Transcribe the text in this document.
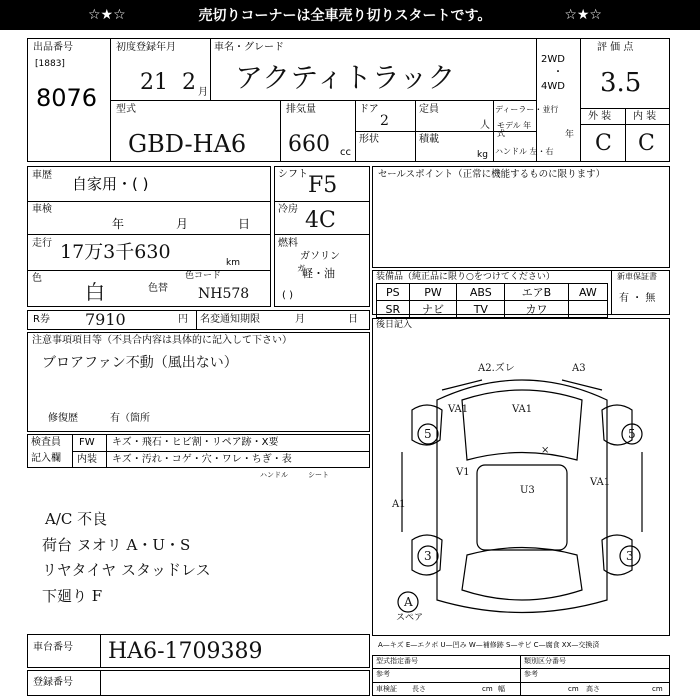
☆★☆	売切りコーナーは全車売り切りスタートです。	☆★☆
出品番号
[1883]
8076
初度登録年月
21 2 月
車名・グレード
アクティトラック
2WD
・
4WD
評 価 点
3.5
型式
GBD-HA6
排気量
660 cc
ドア
2
形状
定員
人
積載
kg
ディーラー・並行
モデル 年式	年
ハンドル 左・右
外 装 内 装
C C
車歴 自家用・( )
車検
年	月	日
走行 17万3千630	km
色
白	色替
色コード
NH578
シフト F5
冷房 4C
燃料
ガソリン
ガ
軽・油
( )
セールスポイント（正常に機能するものに限ります）
装備品（純正品に限り○をつけてください）
PS	PW	ABS	エアB	AW
SR	ナビ	TV	カワ	
新車保証書
有 ・ 無
R券 7910	円 名変通知期限	月	日 後日記入
注意事項項目等（不具合内容は具体的に記入して下さい）
ブロアファン不動（風出ない）
修復歴	有（箇所
検査員
記入欄
FW キズ・飛石・ヒビ割・リペア跡・X要
内装 キズ・汚れ・コゲ・穴・ワレ・ちぎ・表
ハンドル	シート
A/C 不良
荷台 ヌオリ A・U・S
リヤタイヤ スタッドレス
下廻り F
A2.ズレ	A3
A1
VA1	VA1
V1
VA1
U3
×
5	5
3	3
A
スペア
車台番号 HA6-1709389
登録番号
A—キズ E—エクボ U—凹み W—補修跡 S—サビ C—腐食 XX—交換済
型式指定番号	類別区分番号
参考	参考
車検証 長さ	cm 幅	cm 高さ	cm
